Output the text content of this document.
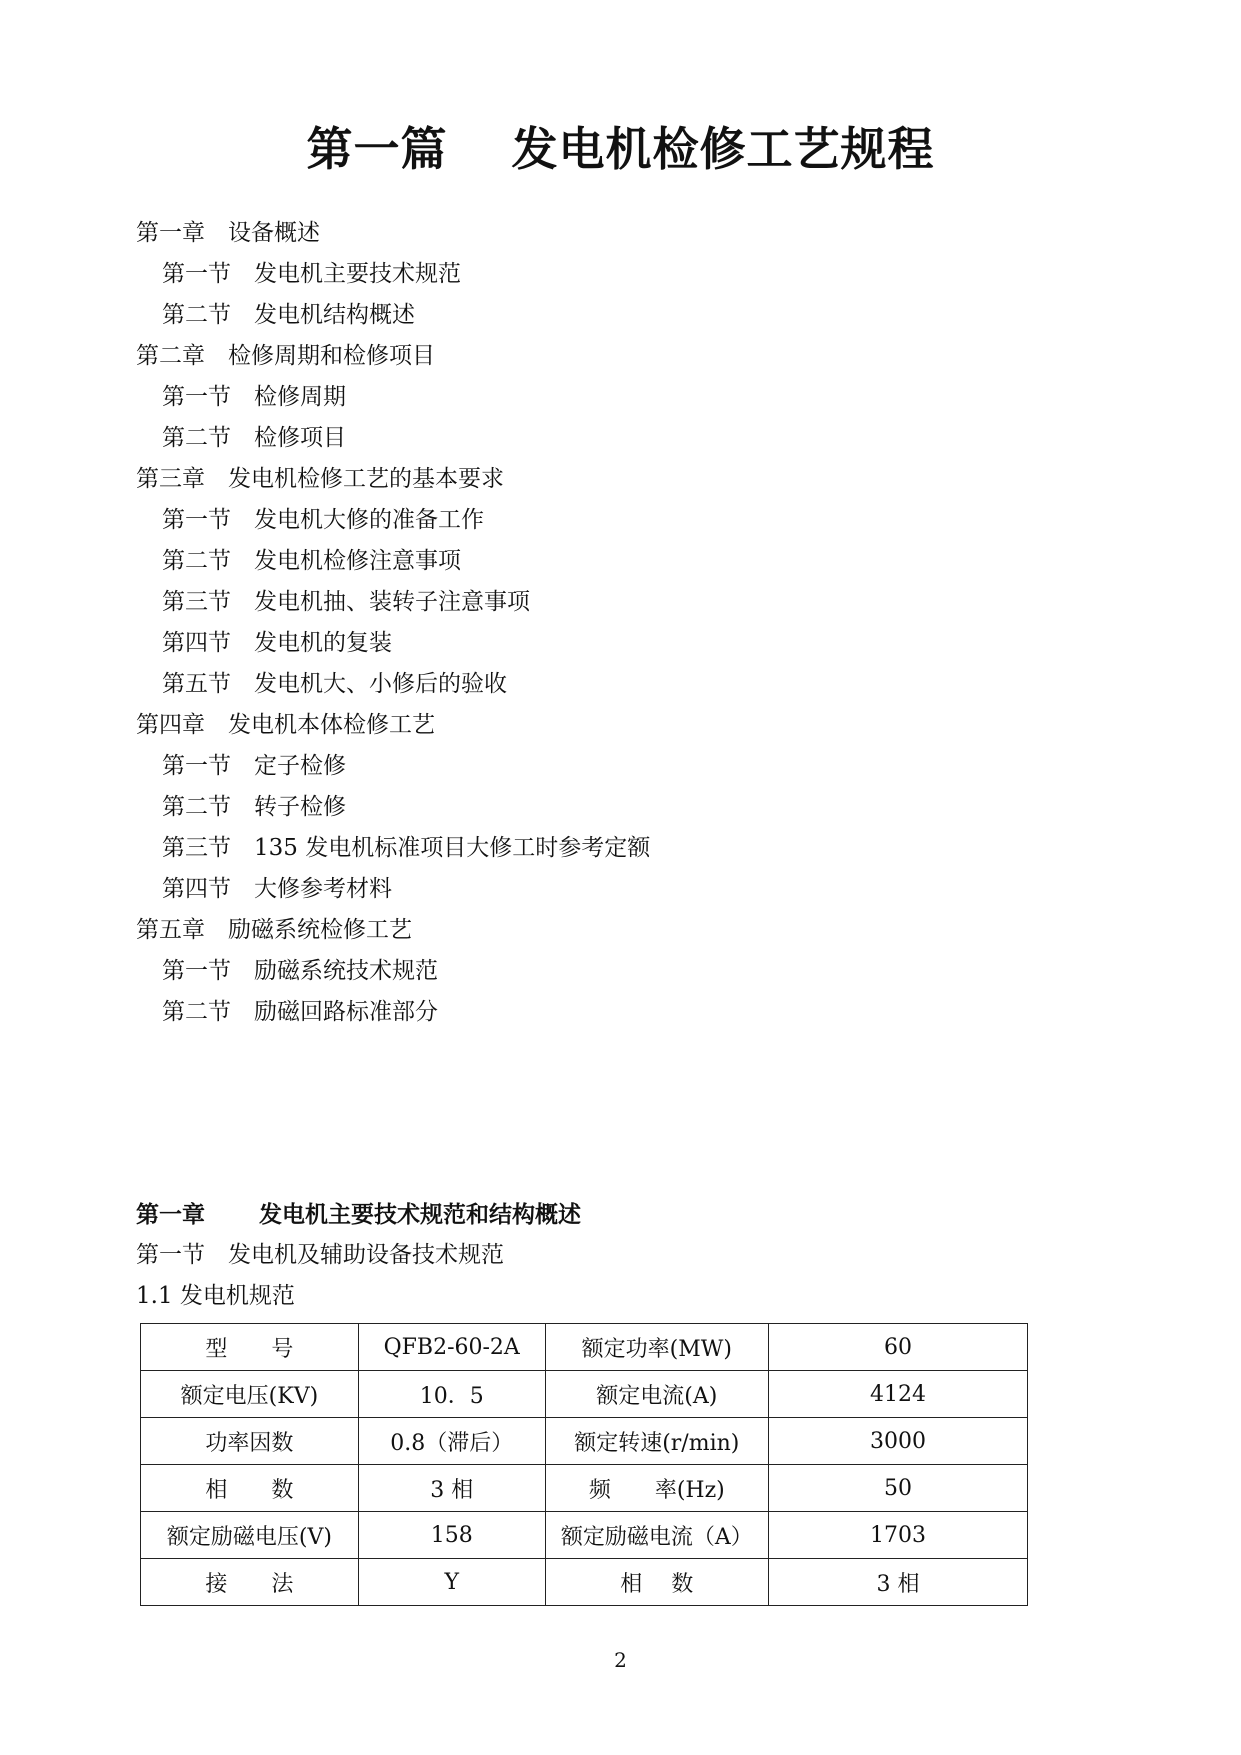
第一篇　 发电机检修工艺规程
第一章　设备概述
第一节　发电机主要技术规范
第二节　发电机结构概述
第二章　检修周期和检修项目
第一节　检修周期
第二节　检修项目
第三章　发电机检修工艺的基本要求
第一节　发电机大修的准备工作
第二节　发电机检修注意事项
第三节　发电机抽、装转子注意事项
第四节　发电机的复装
第五节　发电机大、小修后的验收
第四章　发电机本体检修工艺
第一节　定子检修
第二节　转子检修
第三节　135 发电机标准项目大修工时参考定额
第四节　大修参考材料
第五章　励磁系统检修工艺
第一节　励磁系统技术规范
第二节　励磁回路标准部分
第一章　　 发电机主要技术规范和结构概述
第一节　发电机及辅助设备技术规范
1.1 发电机规范
型　　号	QFB2-60-2A	额定功率(MW)	60
额定电压(KV)	10．5	额定电流(A)	4124
功率因数	0.8（滞后）	额定转速(r/min)	3000
相　　数	3 相	频　　率(Hz)	50
额定励磁电压(V)	158	额定励磁电流（A）	1703
接　　法	Y	相　 数	3 相
2
